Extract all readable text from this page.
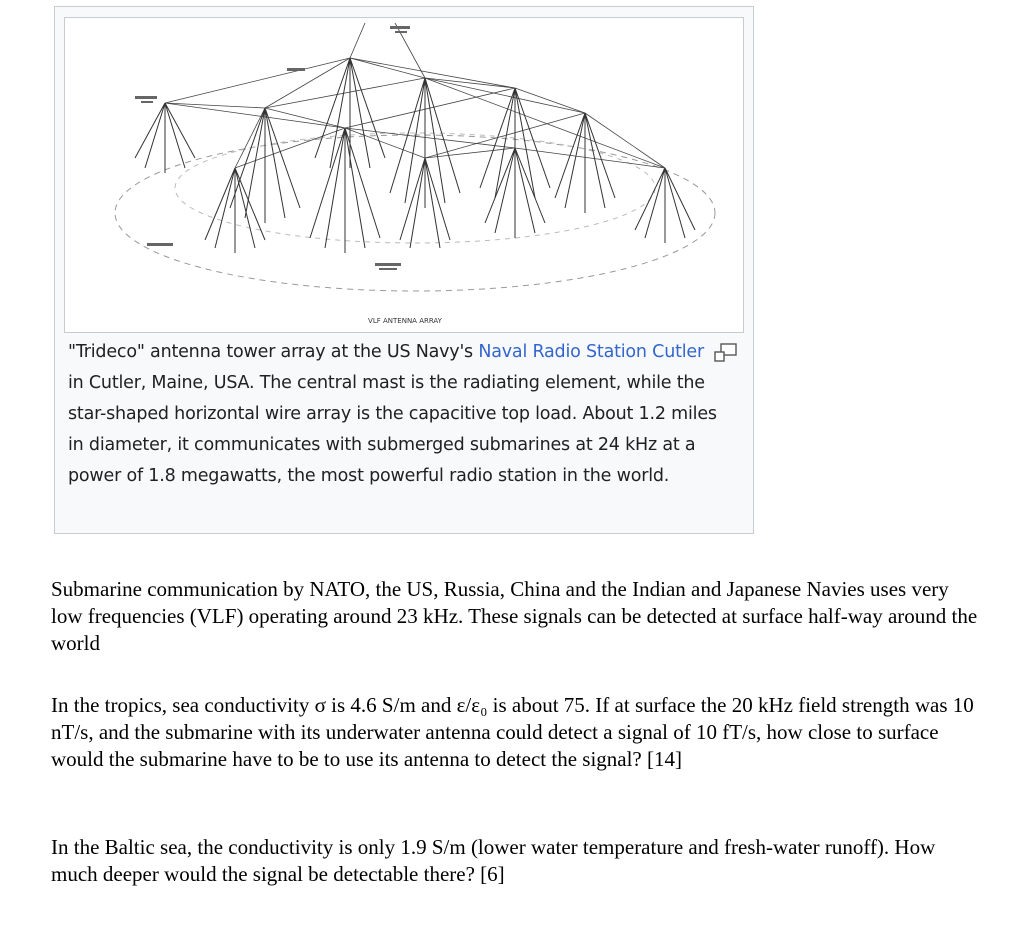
VLF ANTENNA ARRAY
"Trideco" antenna tower array at the US Navy's Naval Radio Station Cutler in Cutler, Maine, USA. The central mast is the radiating element, while the star-shaped horizontal wire array is the capacitive top load. About 1.2 miles in diameter, it communicates with submerged submarines at 24 kHz at a power of 1.8 megawatts, the most powerful radio station in the world.
Submarine communication by NATO, the US, Russia, China and the Indian and Japanese Navies uses very low frequencies (VLF) operating around 23 kHz. These signals can be detected at surface half-way around the world
In the tropics, sea conductivity σ is 4.6 S/m and ε/ε₀ is about 75. If at surface the 20 kHz field strength was 10 nT/s, and the submarine with its underwater antenna could detect a signal of 10 fT/s, how close to surface would the submarine have to be to use its antenna to detect the signal? [14]
In the Baltic sea, the conductivity is only 1.9 S/m (lower water temperature and fresh-water runoff). How much deeper would the signal be detectable there? [6]
